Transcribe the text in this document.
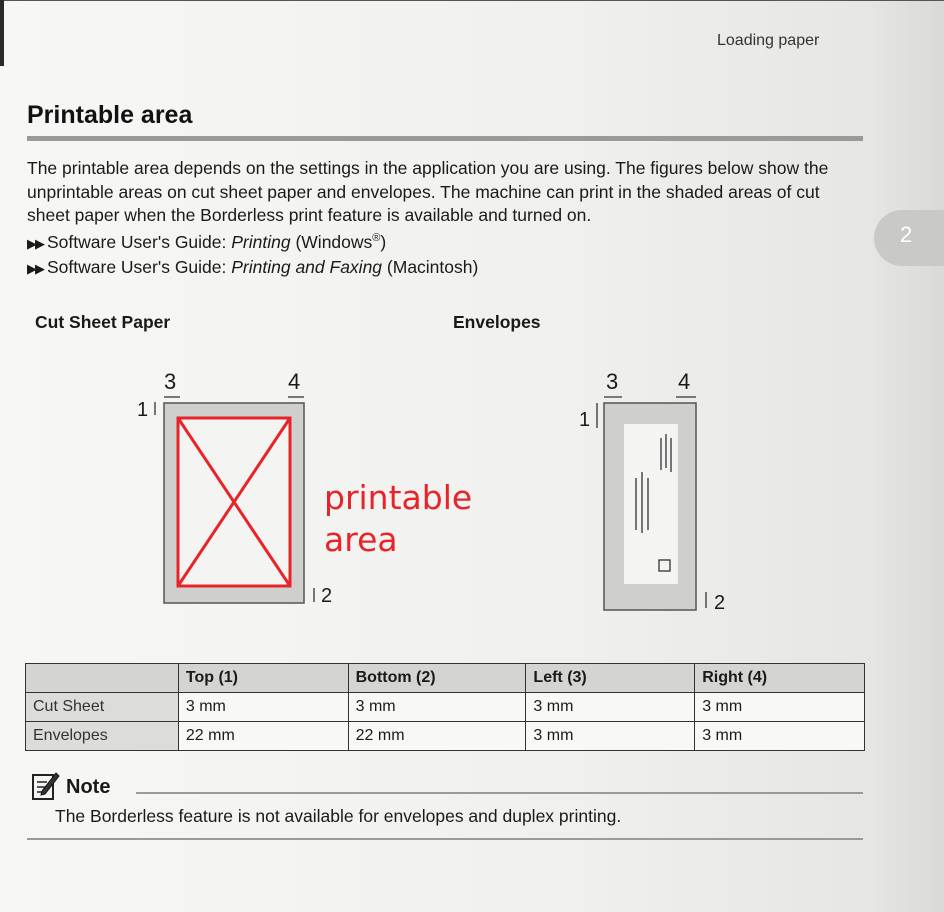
Loading paper
2
Printable area
The printable area depends on the settings in the application you are using. The figures below show the unprintable areas on cut sheet paper and envelopes. The machine can print in the shaded areas of cut sheet paper when the Borderless print feature is available and turned on.
▶▶ Software User's Guide: Printing (Windows®)
▶▶ Software User's Guide: Printing and Faxing (Macintosh)
Cut Sheet Paper	Envelopes
3	4
1
2
printable
area
3	4
1
2
	Top (1)	Bottom (2)	Left (3)	Right (4)
Cut Sheet	3 mm	3 mm	3 mm	3 mm
Envelopes	22 mm	22 mm	3 mm	3 mm
Note
The Borderless feature is not available for envelopes and duplex printing.
